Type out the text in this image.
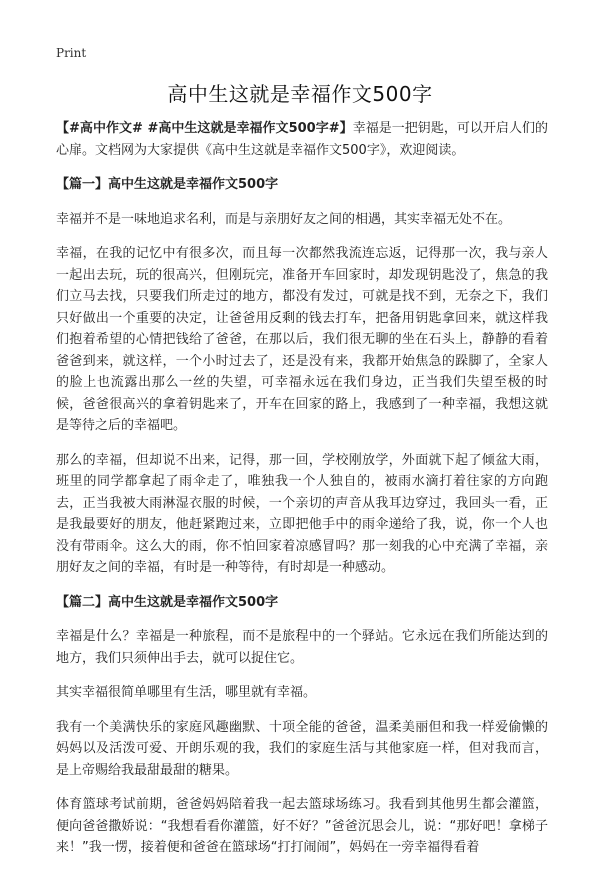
Print
高中生这就是幸福作文500字

【#高中作文# #高中生这就是幸福作文500字#】幸福是一把钥匙，可以开启人们的心扉。文档网为大家提供《高中生这就是幸福作文500字》，欢迎阅读。

【篇一】高中生这就是幸福作文500字

幸福并不是一味地追求名利，而是与亲朋好友之间的相遇，其实幸福无处不在。

幸福，在我的记忆中有很多次，而且每一次都然我流连忘返，记得那一次，我与亲人一起出去玩，玩的很高兴，但刚玩完，准备开车回家时，却发现钥匙没了，焦急的我们立马去找，只要我们所走过的地方，都没有发过，可就是找不到，无奈之下，我们只好做出一个重要的决定，让爸爸用反剩的钱去打车，把备用钥匙拿回来，就这样我们抱着希望的心情把钱给了爸爸，在那以后，我们很无聊的坐在石头上，静静的看着爸爸到来，就这样，一个小时过去了，还是没有来，我都开始焦急的跺脚了，全家人的脸上也流露出那么一丝的失望，可幸福永远在我们身边，正当我们失望至极的时候，爸爸很高兴的拿着钥匙来了，开车在回家的路上，我感到了一种幸福，我想这就是等待之后的幸福吧。

那么的幸福，但却说不出来，记得，那一回，学校刚放学，外面就下起了倾盆大雨，班里的同学都拿起了雨伞走了，唯独我一个人独自的，被雨水滴打着往家的方向跑去，正当我被大雨淋湿衣服的时候，一个亲切的声音从我耳边穿过，我回头一看，正是我最要好的朋友，他赶紧跑过来，立即把他手中的雨伞递给了我，说，你一个人也没有带雨伞。这么大的雨，你不怕回家着凉感冒吗？那一刻我的心中充满了幸福，亲朋好友之间的幸福，有时是一种等待，有时却是一种感动。

【篇二】高中生这就是幸福作文500字

幸福是什么？幸福是一种旅程，而不是旅程中的一个驿站。它永远在我们所能达到的地方，我们只须伸出手去，就可以捉住它。

其实幸福很简单哪里有生活，哪里就有幸福。

我有一个美满快乐的家庭风趣幽默、十项全能的爸爸，温柔美丽但和我一样爱偷懒的妈妈以及活泼可爱、开朗乐观的我，我们的家庭生活与其他家庭一样，但对我而言，是上帝赐给我最甜最甜的糖果。

体育篮球考试前期，爸爸妈妈陪着我一起去篮球场练习。我看到其他男生都会灌篮，便向爸爸撒娇说：“我想看看你灌篮，好不好？”爸爸沉思会儿，说：“那好吧！拿梯子来！”我一愣，接着便和爸爸在篮球场“打打闹闹”，妈妈在一旁幸福得看着
